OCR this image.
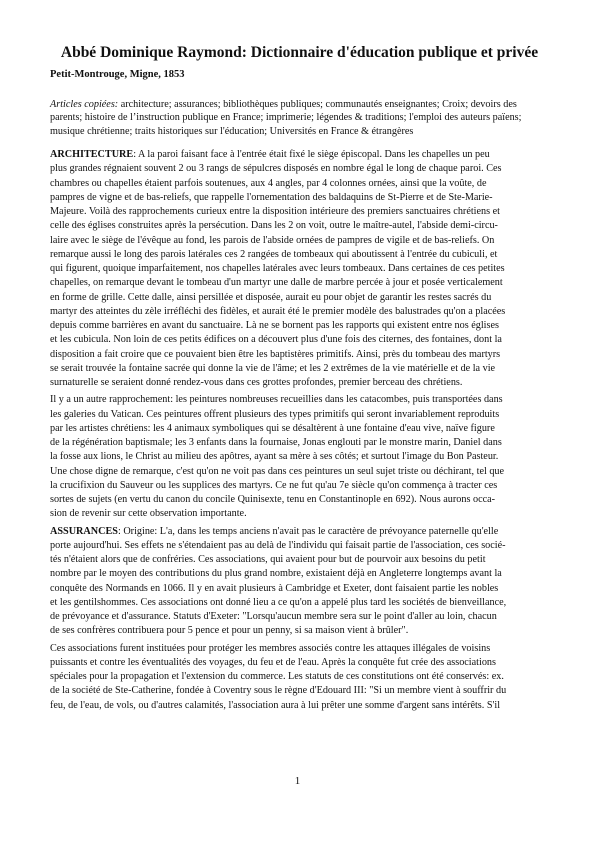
Abbé Dominique Raymond: Dictionnaire d'éducation publique et privée
Petit-Montrouge, Migne, 1853

Articles copiées: architecture; assurances; bibliothèques publiques; communautés enseignantes; Croix; devoirs des parents; histoire de l’instruction publique en France; imprimerie; légendes & traditions; l'emploi des auteurs païens; musique chrétienne; traits historiques sur l'éducation; Universités en France & étrangères

ARCHITECTURE: A la paroi faisant face à l'entrée était fixé le siège épiscopal. Dans les chapelles un peu
plus grandes régnaient souvent 2 ou 3 rangs de sépulcres disposés en nombre égal le long de chaque paroi. Ces
chambres ou chapelles étaient parfois soutenues, aux 4 angles, par 4 colonnes ornées, ainsi que la voûte, de
pampres de vigne et de bas-reliefs, que rappelle l'ornementation des baldaquins de St-Pierre et de Ste-Marie-
Majeure. Voilà des rapprochements curieux entre la disposition intérieure des premiers sanctuaires chrétiens et
celle des églises construites après la persécution. Dans les 2 on voit, outre le maître-autel, l'abside demi-circu-
laire avec le siège de l'évêque au fond, les parois de l'abside ornées de pampres de vigile et de bas-reliefs. On
remarque aussi le long des parois latérales ces 2 rangées de tombeaux qui aboutissent à l'entrée du cubiculi, et
qui figurent, quoique imparfaitement, nos chapelles latérales avec leurs tombeaux. Dans certaines de ces petites
chapelles, on remarque devant le tombeau d'un martyr une dalle de marbre percée à jour et posée verticalement
en forme de grille. Cette dalle, ainsi persillée et disposée, aurait eu pour objet de garantir les restes sacrés du
martyr des atteintes du zèle irréfléchi des fidèles, et aurait été le premier modèle des balustrades qu'on a placées
depuis comme barrières en avant du sanctuaire. Là ne se bornent pas les rapports qui existent entre nos églises
et les cubicula. Non loin de ces petits édifices on a découvert plus d'une fois des citernes, des fontaines, dont la
disposition a fait croire que ce pouvaient bien être les baptistères primitifs. Ainsi, près du tombeau des martyrs
se serait trouvée la fontaine sacrée qui donne la vie de l'âme; et les 2 extrêmes de la vie matérielle et de la vie
surnaturelle se seraient donné rendez-vous dans ces grottes profondes, premier berceau des chrétiens.
Il y a un autre rapprochement: les peintures nombreuses recueillies dans les catacombes, puis transportées dans
les galeries du Vatican. Ces peintures offrent plusieurs des types primitifs qui seront invariablement reproduits
par les artistes chrétiens: les 4 animaux symboliques qui se désaltèrent à une fontaine d'eau vive, naïve figure
de la régénération baptismale; les 3 enfants dans la fournaise, Jonas englouti par le monstre marin, Daniel dans
la fosse aux lions, le Christ au milieu des apôtres, ayant sa mère à ses côtés; et surtout l'image du Bon Pasteur.
Une chose digne de remarque, c'est qu'on ne voit pas dans ces peintures un seul sujet triste ou déchirant, tel que
la crucifixion du Sauveur ou les supplices des martyrs. Ce ne fut qu'au 7e siècle qu'on commença à tracter ces
sortes de sujets (en vertu du canon du concile Quinisexte, tenu en Constantinople en 692). Nous aurons occa-
sion de revenir sur cette observation importante.
ASSURANCES: Origine: L'a, dans les temps anciens n'avait pas le caractère de prévoyance paternelle qu'elle
porte aujourd'hui. Ses effets ne s'étendaient pas au delà de l'individu qui faisait partie de l'association, ces socié-
tés n'étaient alors que de confréries. Ces associations, qui avaient pour but de pourvoir aux besoins du petit
nombre par le moyen des contributions du plus grand nombre, existaient déjà en Angleterre longtemps avant la
conquête des Normands en 1066. Il y en avait plusieurs à Cambridge et Exeter, dont faisaient partie les nobles
et les gentilshommes. Ces associations ont donné lieu a ce qu'on a appelé plus tard les sociétés de bienveillance,
de prévoyance et d'assurance. Statuts d'Exeter: "Lorsqu'aucun membre sera sur le point d'aller au loin, chacun
de ses confrères contribuera pour 5 pence et pour un penny, si sa maison vient à brûler".
Ces associations furent instituées pour protéger les membres associés contre les attaques illégales de voisins
puissants et contre les éventualités des voyages, du feu et de l'eau. Après la conquête fut crée des associations
spéciales pour la propagation et l'extension du commerce. Les statuts de ces constitutions ont été conservés: ex.
de la société de Ste-Catherine, fondée à Coventry sous le règne d'Edouard III: "Si un membre vient à souffrir du
feu, de l'eau, de vols, ou d'autres calamités, l'association aura à lui prêter une somme d'argent sans intérêts. S'il
1
